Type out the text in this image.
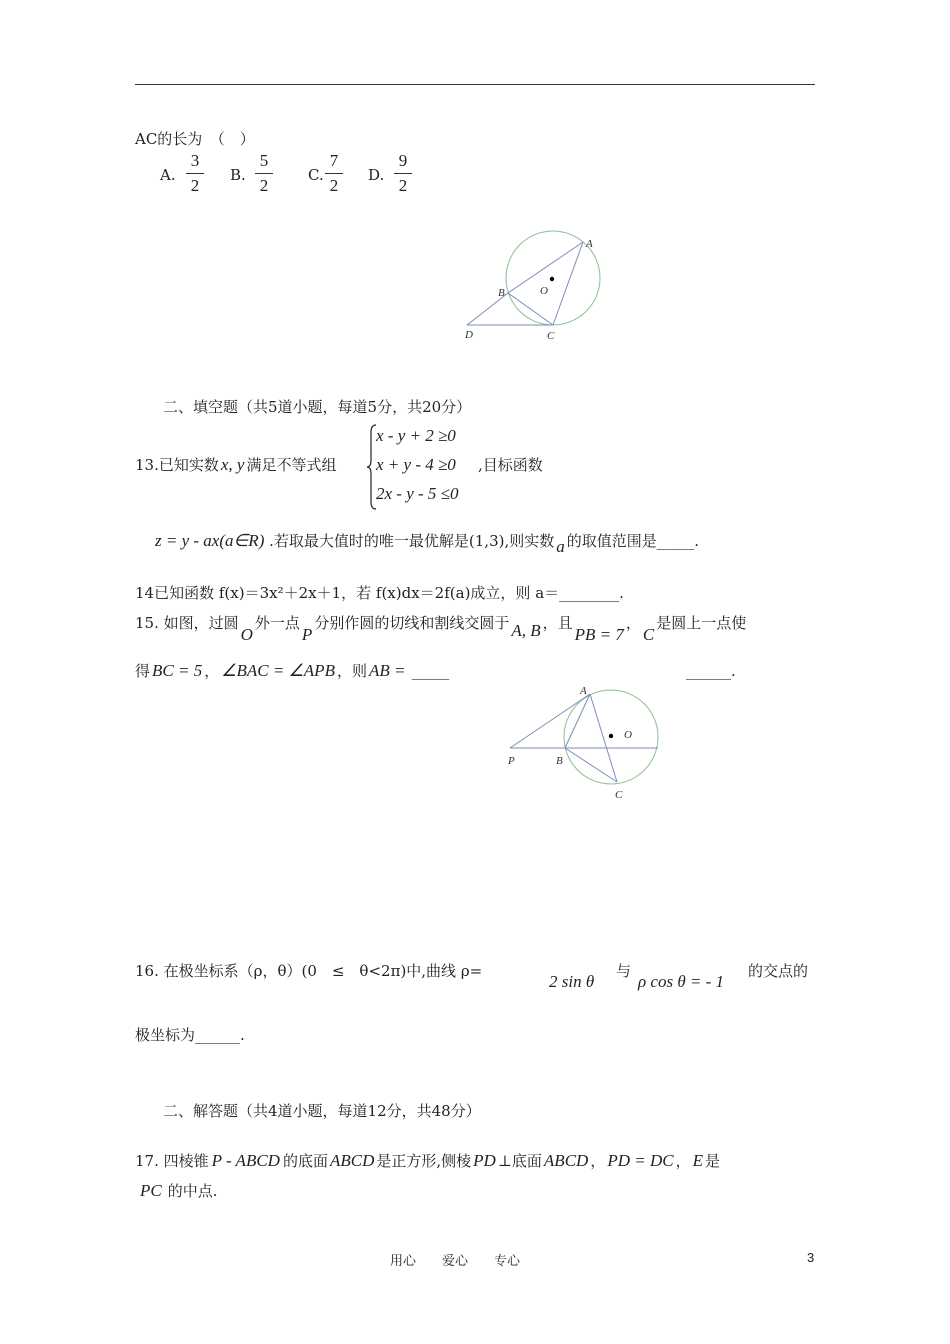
AC的长为　（　）
A.
3
2
B.
5
2
C.
7
2
D.
9
2
A
O
B
D	C
二、填空题（共5道小题，每道5分，共20分）
13.已知实数 x, y 满足不等式组
x - y + 2 ≥0
x + y - 4 ≥0
2x - y - 5 ≤0
,目标函数
z = y - ax(a∈R) .若取最大值时的唯一最优解是(1,3),则实数 a 的取值范围是_____.
14已知函数 f(x)＝3x²＋2x＋1，若 f(x)dx＝2f(a)成立，则 a＝________.
15. 如图，过圆O外一点P分别作圆的切线和割线交圆于 A, B ，且PB = 7，C是圆上一点使
得 BC = 5 ， ∠BAC = ∠APB ，则 AB = _____	______.
A
O
P	B
C
16. 在极坐标系（ρ，θ）(0　≤　θ<2π)中,曲线 ρ=
2 sin θ
与
ρ cos θ = - 1
的交点的
极坐标为______.
二、解答题（共4道小题，每道12分，共48分）
17. 四棱锥 P - ABCD 的底面 ABCD 是正方形,侧棱 PD ⊥底面 ABCD ， PD = DC ， E 是
PC 的中点.
用心　　爱心　　专心	3
